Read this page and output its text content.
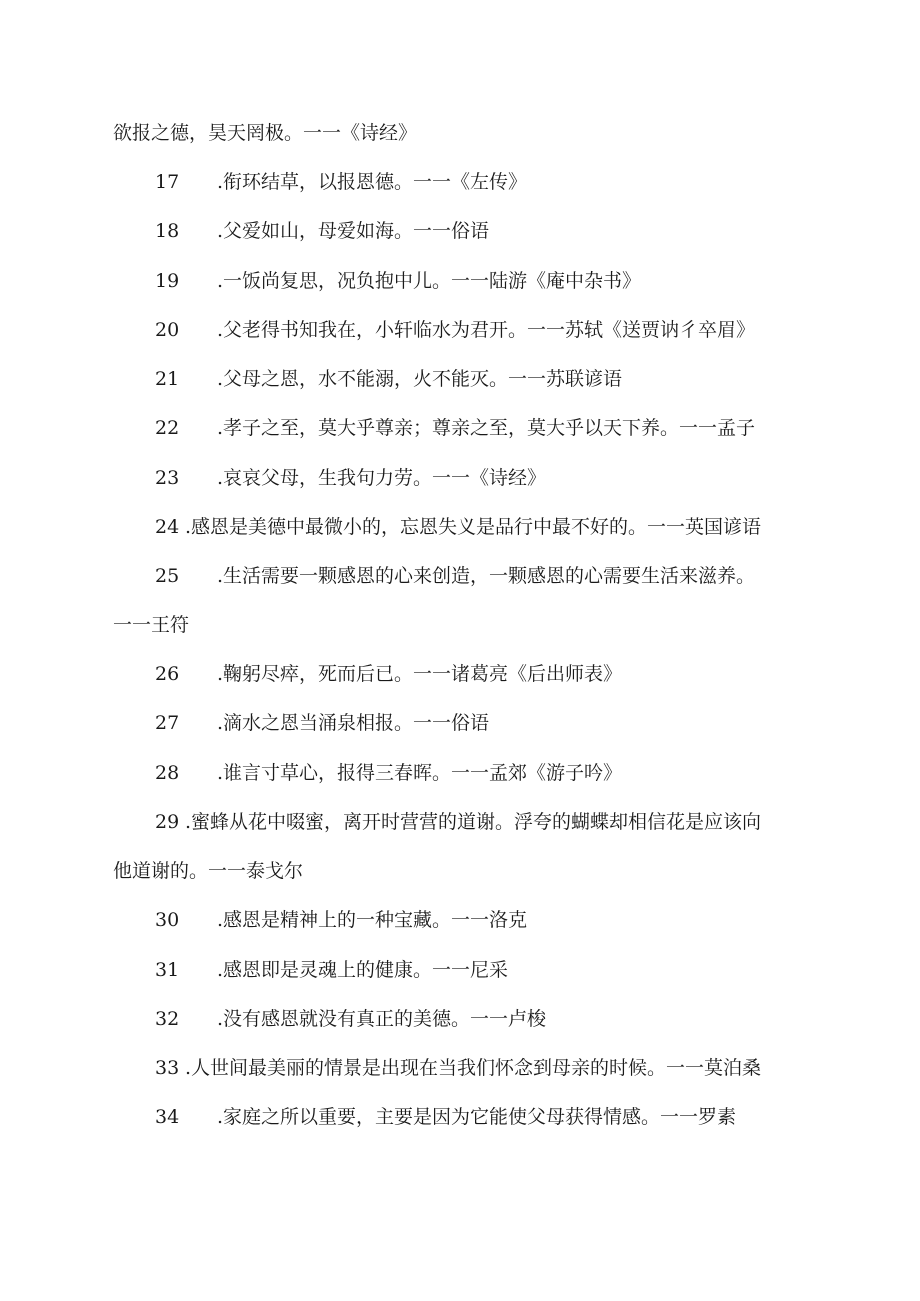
欲报之德，昊天罔极。一一《诗经》
17 .衔环结草，以报恩德。一一《左传》
18 .父爱如山，母爱如海。一一俗语
19 .一饭尚复思，况负抱中儿。一一陆游《庵中杂书》
20 .父老得书知我在，小轩临水为君开。一一苏轼《送贾讷彳卒眉》
21 .父母之恩，水不能溺，火不能灭。一一苏联谚语
22 .孝子之至，莫大乎尊亲；尊亲之至，莫大乎以天下养。一一孟子
23 .哀哀父母，生我句力劳。一一《诗经》
24 .感恩是美德中最微小的，忘恩失义是品行中最不好的。一一英国谚语
25 .生活需要一颗感恩的心来创造，一颗感恩的心需要生活来滋养。
一一王符
26 .鞠躬尽瘁，死而后已。一一诸葛亮《后出师表》
27 .滴水之恩当涌泉相报。一一俗语
28 .谁言寸草心，报得三春晖。一一孟郊《游子吟》
29 .蜜蜂从花中啜蜜，离开时营营的道谢。浮夸的蝴蝶却相信花是应该向
他道谢的。一一泰戈尔
30 .感恩是精神上的一种宝藏。一一洛克
31 .感恩即是灵魂上的健康。一一尼采
32 .没有感恩就没有真正的美德。一一卢梭
33 .人世间最美丽的情景是出现在当我们怀念到母亲的时候。一一莫泊桑
34 .家庭之所以重要，主要是因为它能使父母获得情感。一一罗素
